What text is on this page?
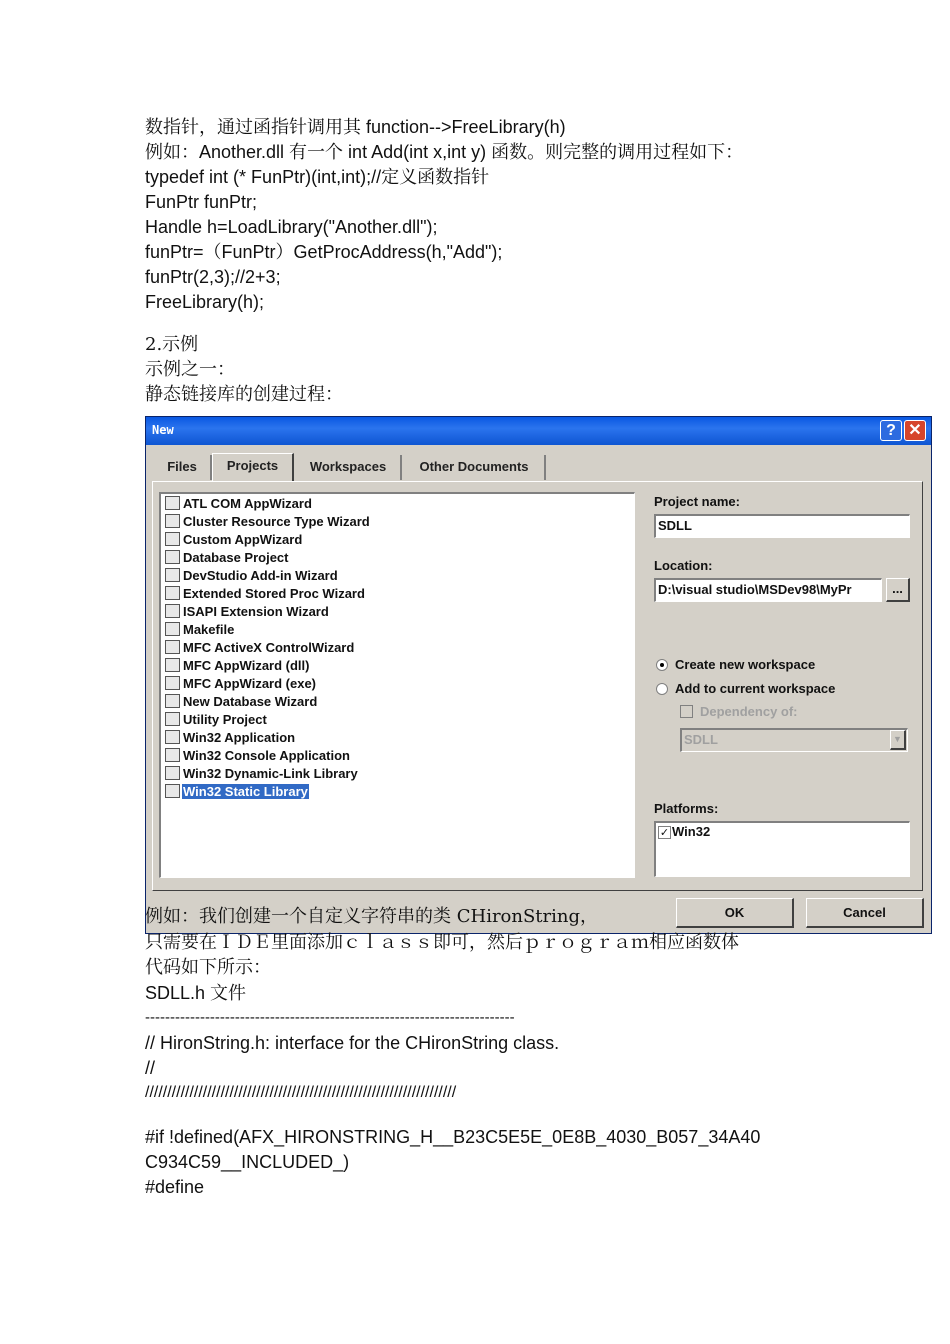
数指针，通过函指针调用其 function-->FreeLibrary(h)
例如：Another.dll 有一个 int Add(int x,int y) 函数。则完整的调用过程如下：
typedef int (* FunPtr)(int,int);//定义函数指针
FunPtr funPtr;
Handle h=LoadLibrary("Another.dll");
funPtr=（FunPtr）GetProcAddress(h,"Add");
funPtr(2,3);//2+3;
FreeLibrary(h);
2.示例
示例之一：
静态链接库的创建过程：
New	? ✕
Files	Projects	Workspaces	Other Documents
ATL COM AppWizard
Cluster Resource Type Wizard
Custom AppWizard
Database Project
DevStudio Add-in Wizard
Extended Stored Proc Wizard
ISAPI Extension Wizard
Makefile
MFC ActiveX ControlWizard
MFC AppWizard (dll)
MFC AppWizard (exe)
New Database Wizard
Utility Project
Win32 Application
Win32 Console Application
Win32 Dynamic-Link Library
Win32 Static Library
Project name:
SDLL
Location:
D:\visual studio\MSDev98\MyPr	...
Create new workspace
Add to current workspace
Dependency of:
SDLL	▼
Platforms:
✓ Win32
OK	Cancel
例如：我们创建一个自定义字符串的类 CHironString，
只需要在ＩＤＥ里面添加ｃｌａｓｓ即可，然后ｐｒｏｇｒａｍ相应函数体
代码如下所示：
SDLL.h 文件
--------------------------------------------------------------------------
// HironString.h: interface for the CHironString class.
//
//////////////////////////////////////////////////////////////////////
#if !defined(AFX_HIRONSTRING_H__B23C5E5E_0E8B_4030_B057_34A40
C934C59__INCLUDED_)
#define
